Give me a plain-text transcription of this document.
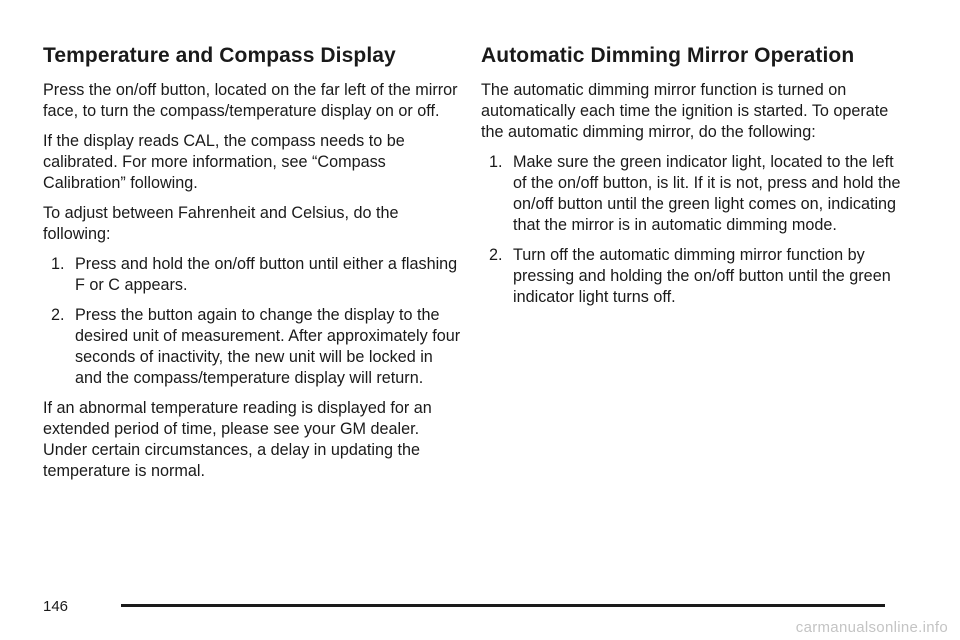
Temperature and Compass Display

Press the on/off button, located on the far left of the mirror face, to turn the compass/temperature display on or off.

If the display reads CAL, the compass needs to be calibrated. For more information, see “Compass Calibration” following.

To adjust between Fahrenheit and Celsius, do the following:

1. Press and hold the on/off button until either a flashing F or C appears.
2. Press the button again to change the display to the desired unit of measurement. After approximately four seconds of inactivity, the new unit will be locked in and the compass/temperature display will return.

If an abnormal temperature reading is displayed for an extended period of time, please see your GM dealer. Under certain circumstances, a delay in updating the temperature is normal.

Automatic Dimming Mirror Operation

The automatic dimming mirror function is turned on automatically each time the ignition is started. To operate the automatic dimming mirror, do the following:

1. Make sure the green indicator light, located to the left of the on/off button, is lit. If it is not, press and hold the on/off button until the green light comes on, indicating that the mirror is in automatic dimming mode.
2. Turn off the automatic dimming mirror function by pressing and holding the on/off button until the green indicator light turns off.
146
carmanualsonline.info
